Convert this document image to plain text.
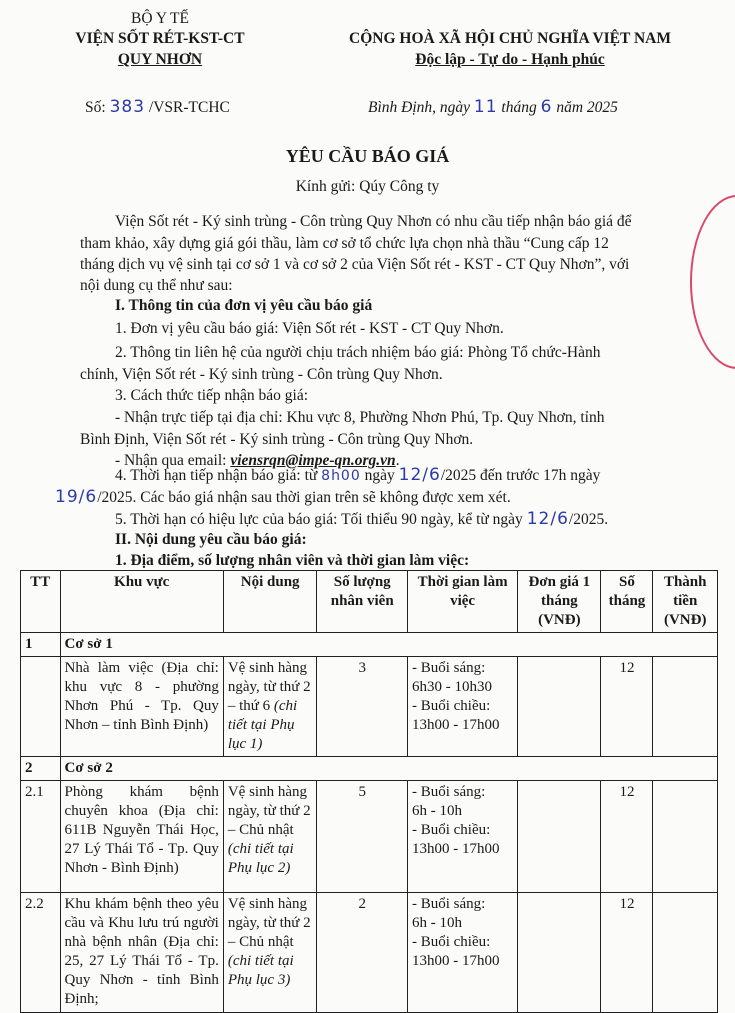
BỘ Y TẾ
VIỆN SỐT RÉT-KST-CT
QUY NHƠN
CỘNG HOÀ XÃ HỘI CHỦ NGHĨA VIỆT NAM
Độc lập - Tự do - Hạnh phúc
Số: 383 /VSR-TCHC	Bình Định, ngày 11 tháng 6 năm 2025
YÊU CẦU BÁO GIÁ
Kính gửi: Qúy Công ty
Viện Sốt rét - Ký sinh trùng - Côn trùng Quy Nhơn có nhu cầu tiếp nhận báo giá để
tham khảo, xây dựng giá gói thầu, làm cơ sở tổ chức lựa chọn nhà thầu “Cung cấp 12
tháng dịch vụ vệ sinh tại cơ sở 1 và cơ sở 2 của Viện Sốt rét - KST - CT Quy Nhơn”, với
nội dung cụ thể như sau:
I. Thông tin của đơn vị yêu cầu báo giá
1. Đơn vị yêu cầu báo giá: Viện Sốt rét - KST - CT Quy Nhơn.
2. Thông tin liên hệ của người chịu trách nhiệm báo giá: Phòng Tổ chức-Hành
chính, Viện Sốt rét - Ký sinh trùng - Côn trùng Quy Nhơn.
3. Cách thức tiếp nhận báo giá:
- Nhận trực tiếp tại địa chỉ: Khu vực 8, Phường Nhơn Phú, Tp. Quy Nhơn, tỉnh
Bình Định, Viện Sốt rét - Ký sinh trùng - Côn trùng Quy Nhơn.
- Nhận qua email: viensrqn@impe-qn.org.vn.
4. Thời hạn tiếp nhận báo giá: từ 8h00 ngày 12/6/2025 đến trước 17h ngày
19/6/2025. Các báo giá nhận sau thời gian trên sẽ không được xem xét.
5. Thời hạn có hiệu lực của báo giá: Tối thiểu 90 ngày, kể từ ngày 12/6/2025.
II. Nội dung yêu cầu báo giá:
1. Địa điểm, số lượng nhân viên và thời gian làm việc:
TT	Khu vực	Nội dung	Số lượng nhân viên	Thời gian làm việc	Đơn giá 1 tháng (VNĐ)	Số tháng	Thành tiền (VNĐ)
1	Cơ sở 1						
	Nhà làm việc (Địa chỉ: khu vực 8 - phường Nhơn Phú - Tp. Quy Nhơn – tỉnh Bình Định)	Vệ sinh hàng ngày, từ thứ 2 – thứ 6 (chi tiết tại Phụ lục 1)	3	- Buổi sáng:
6h30 - 10h30
- Buổi chiều:
13h00 - 17h00		12	
2	Cơ sở 2						
2.1	Phòng khám bệnh chuyên khoa (Địa chỉ: 611B Nguyễn Thái Học, 27 Lý Thái Tổ - Tp. Quy Nhơn - Bình Định)	Vệ sinh hàng ngày, từ thứ 2 – Chủ nhật (chi tiết tại Phụ lục 2)	5	- Buổi sáng:
6h - 10h
- Buổi chiều:
13h00 - 17h00		12	
2.2	Khu khám bệnh theo yêu cầu và Khu lưu trú người nhà bệnh nhân (Địa chỉ: 25, 27 Lý Thái Tổ - Tp. Quy Nhơn - tỉnh Bình Định;	Vệ sinh hàng ngày, từ thứ 2 – Chủ nhật (chi tiết tại Phụ lục 3)	2	- Buổi sáng:
6h - 10h
- Buổi chiều:
13h00 - 17h00		12	
